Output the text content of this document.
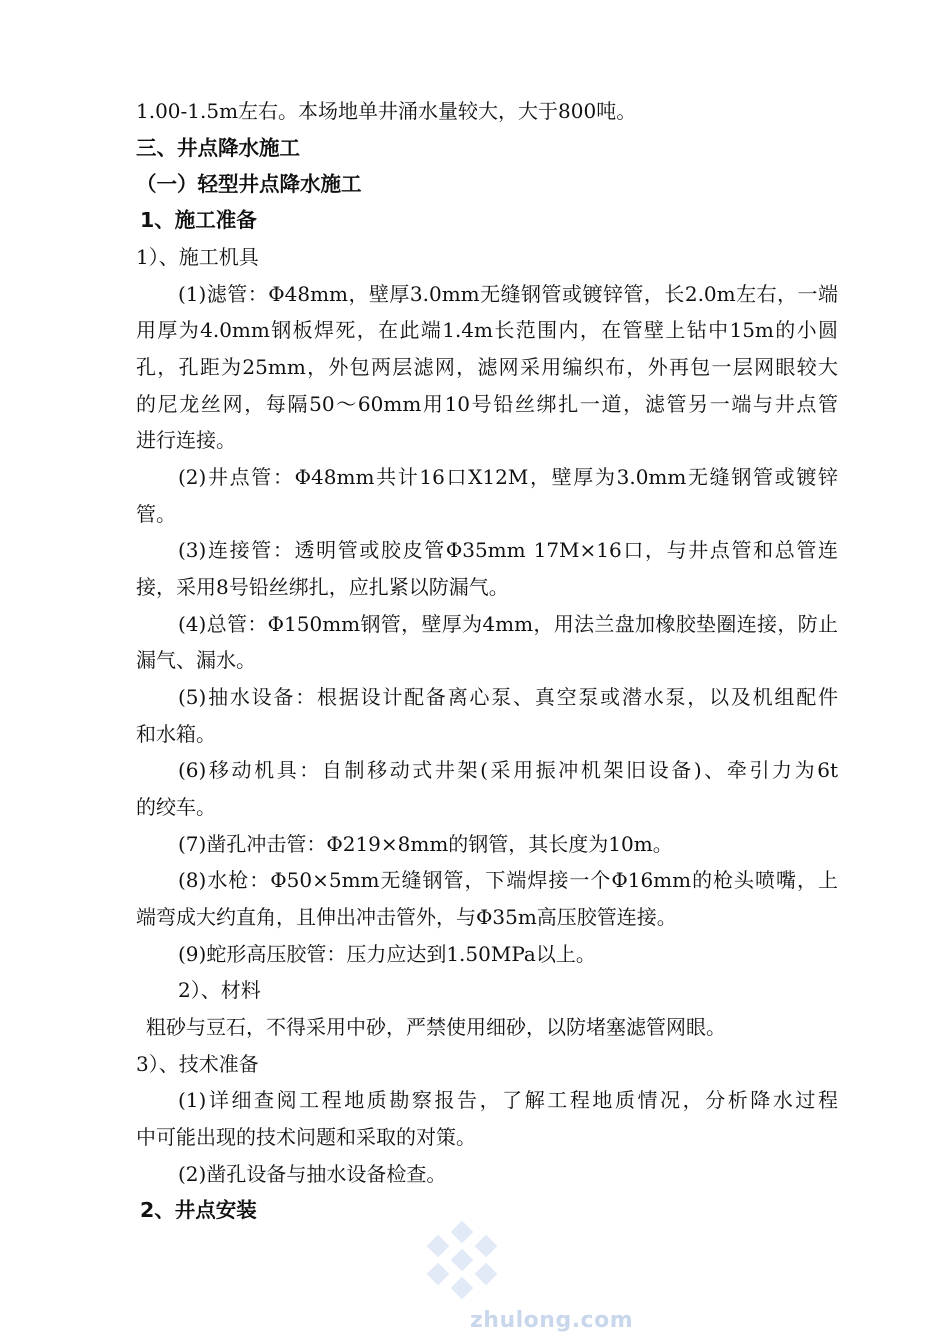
1.00-1.5m左右。本场地单井涌水量较大，大于800吨。
三、井点降水施工
（一）轻型井点降水施工
1、施工准备
1）、施工机具
(1)滤管：Φ48mm，壁厚3.0mm无缝钢管或镀锌管，长2.0m左右，一端
用厚为4.0mm钢板焊死，在此端1.4m长范围内，在管壁上钻中15m的小圆
孔，孔距为25mm，外包两层滤网，滤网采用编织布，外再包一层网眼较大
的尼龙丝网，每隔50～60mm用10号铅丝绑扎一道，滤管另一端与井点管
进行连接。
(2)井点管：Φ48mm共计16口X12M，壁厚为3.0mm无缝钢管或镀锌
管。
(3)连接管：透明管或胶皮管Φ35mm 17M×16口，与井点管和总管连
接，采用8号铅丝绑扎，应扎紧以防漏气。
(4)总管：Φ150mm钢管，壁厚为4mm，用法兰盘加橡胶垫圈连接，防止
漏气、漏水。
(5)抽水设备：根据设计配备离心泵、真空泵或潜水泵，以及机组配件
和水箱。
(6)移动机具：自制移动式井架(采用振冲机架旧设备)、牵引力为6t
的绞车。
(7)凿孔冲击管：Φ219×8mm的钢管，其长度为10m。
(8)水枪：Φ50×5mm无缝钢管，下端焊接一个Φ16mm的枪头喷嘴，上
端弯成大约直角，且伸出冲击管外，与Φ35m高压胶管连接。
(9)蛇形高压胶管：压力应达到1.50MPa以上。
2）、材料
粗砂与豆石，不得采用中砂，严禁使用细砂，以防堵塞滤管网眼。
3）、技术准备
(1)详细查阅工程地质勘察报告，了解工程地质情况，分析降水过程
中可能出现的技术问题和采取的对策。
(2)凿孔设备与抽水设备检查。
2、井点安装
zhulong.com
